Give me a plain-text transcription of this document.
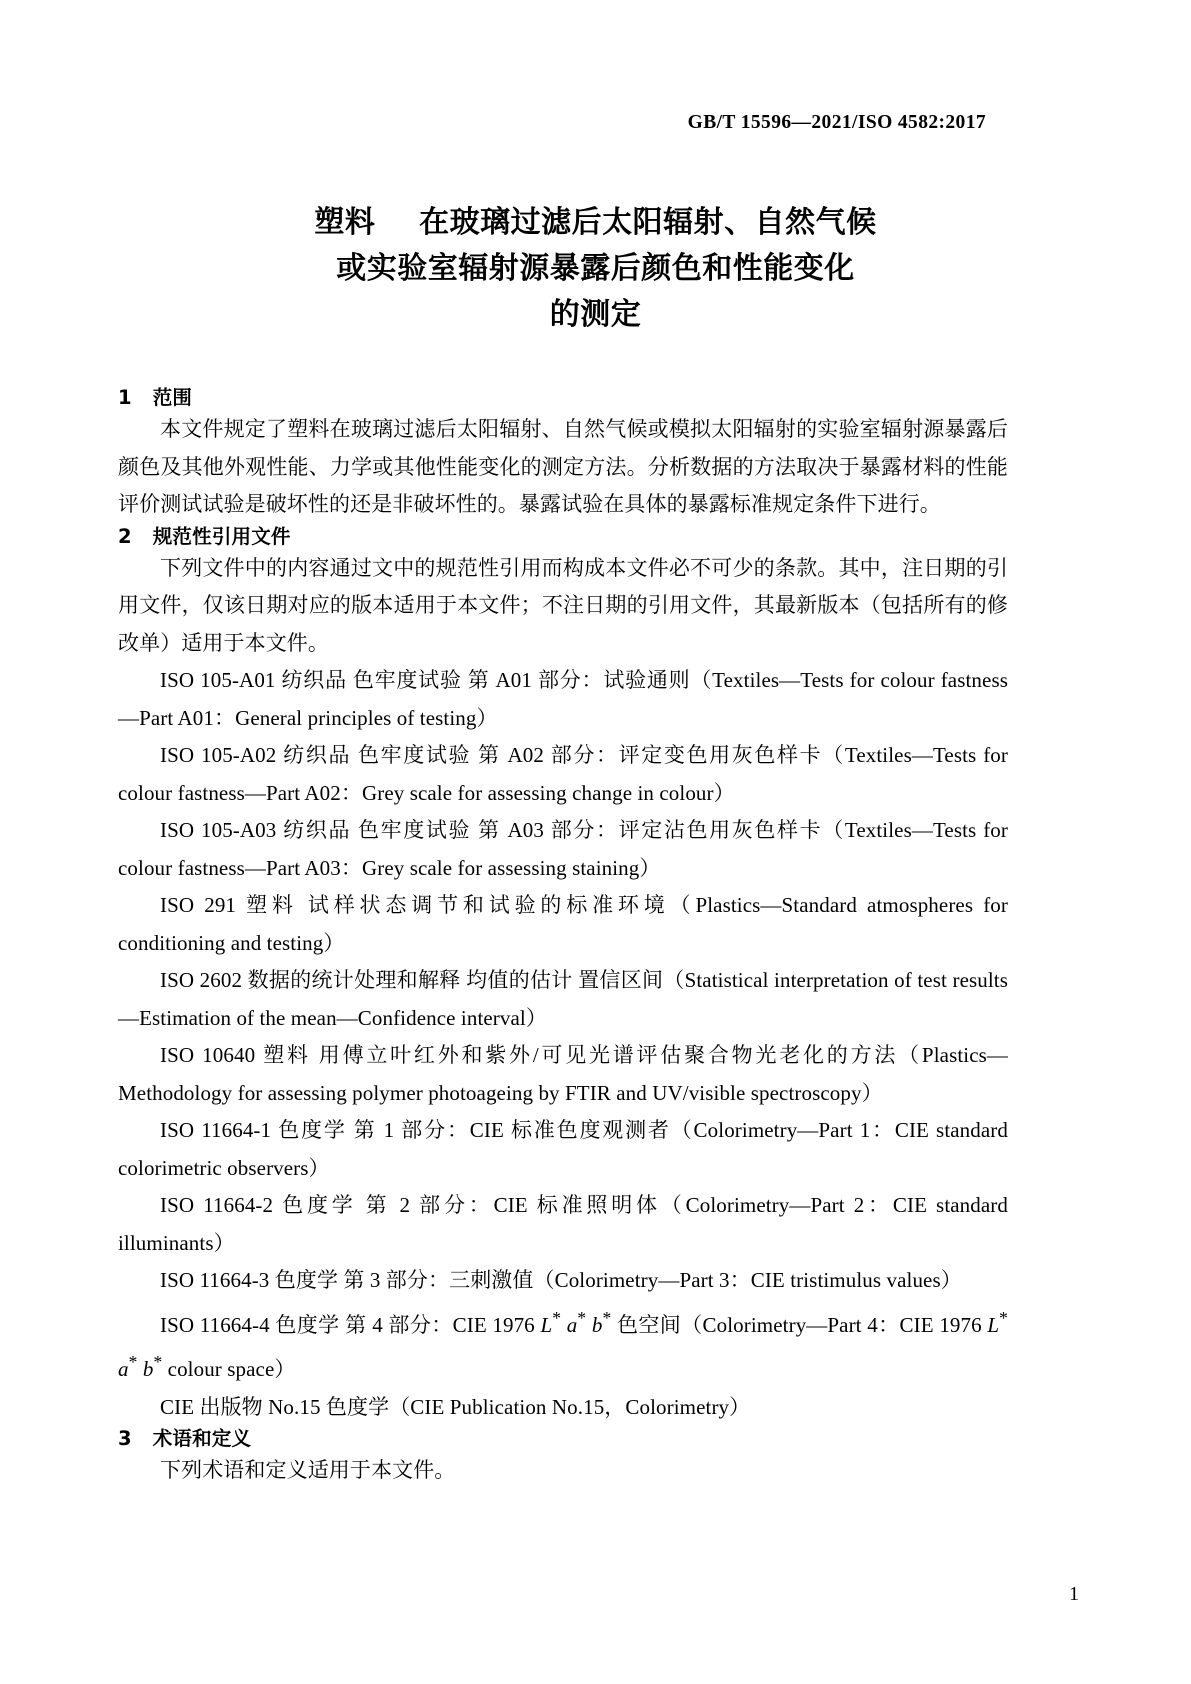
GB/T 15596—2021/ISO 4582:2017
塑料    在玻璃过滤后太阳辐射、自然气候
或实验室辐射源暴露后颜色和性能变化
的测定
1   范围

本文件规定了塑料在玻璃过滤后太阳辐射、自然气候或模拟太阳辐射的实验室辐射源暴露后颜色及其他外观性能、力学或其他性能变化的测定方法。分析数据的方法取决于暴露材料的性能评价测试试验是破坏性的还是非破坏性的。暴露试验在具体的暴露标准规定条件下进行。

2   规范性引用文件

下列文件中的内容通过文中的规范性引用而构成本文件必不可少的条款。其中，注日期的引用文件，仅该日期对应的版本适用于本文件；不注日期的引用文件，其最新版本（包括所有的修改单）适用于本文件。

ISO 105-A01 纺织品 色牢度试验 第 A01 部分：试验通则（Textiles—Tests for colour fastness—Part A01：General principles of testing）

ISO 105-A02 纺织品 色牢度试验 第 A02 部分：评定变色用灰色样卡（Textiles—Tests for colour fastness—Part A02：Grey scale for assessing change in colour）

ISO 105-A03 纺织品 色牢度试验 第 A03 部分：评定沾色用灰色样卡（Textiles—Tests for colour fastness—Part A03：Grey scale for assessing staining）

ISO 291 塑料 试样状态调节和试验的标准环境（Plastics—Standard atmospheres for conditioning and testing）

ISO 2602 数据的统计处理和解释 均值的估计 置信区间（Statistical interpretation of test results—Estimation of the mean—Confidence interval）

ISO 10640 塑料 用傅立叶红外和紫外/可见光谱评估聚合物光老化的方法（Plastics—Methodology for assessing polymer photoageing by FTIR and UV/visible spectroscopy）

ISO 11664-1 色度学 第 1 部分：CIE 标准色度观测者（Colorimetry—Part 1：CIE standard colorimetric observers）

ISO 11664-2 色度学 第 2 部分：CIE 标准照明体（Colorimetry—Part 2：CIE standard illuminants）

ISO 11664-3 色度学 第 3 部分：三刺激值（Colorimetry—Part 3：CIE tristimulus values）

ISO 11664-4 色度学 第 4 部分：CIE 1976 L* a* b* 色空间（Colorimetry—Part 4：CIE 1976 L* a* b* colour space）

CIE 出版物 No.15 色度学（CIE Publication No.15，Colorimetry）

3   术语和定义

下列术语和定义适用于本文件。

1
